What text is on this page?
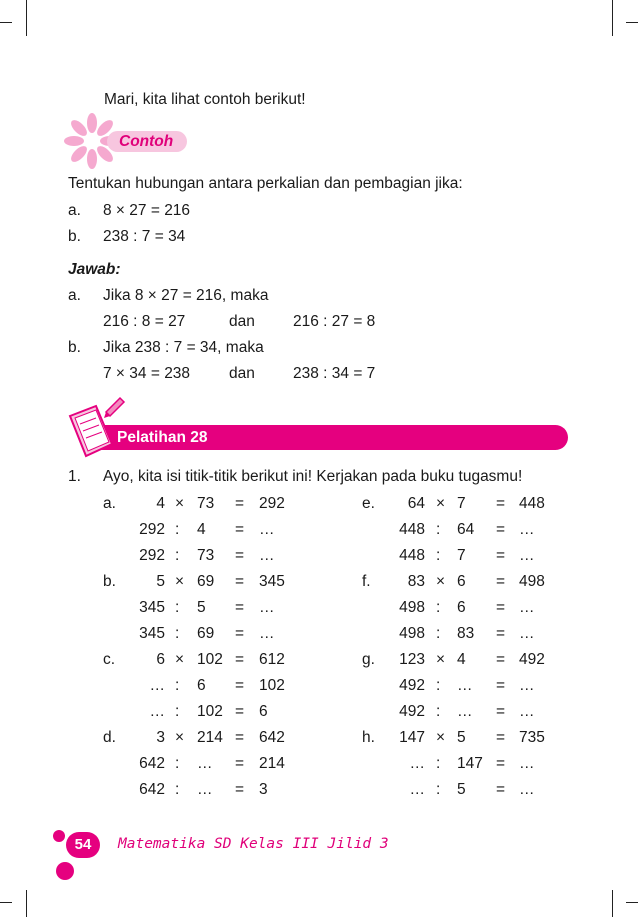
Mari, kita lihat contoh berikut!
Contoh
Tentukan hubungan antara perkalian dan pembagian jika:
a. 8 × 27 = 216
b. 238 : 7 = 34
Jawab:
a. Jika 8 × 27 = 216, maka
216 : 8 = 27	dan 216 : 27 = 8
b. Jika 238 : 7 = 34, maka
7 × 34 = 238	dan 238 : 34 = 7
Pelatihan 28
1. Ayo, kita isi titik-titik berikut ini! Kerjakan pada buku tugasmu!
a.	4 × 73 = 292
292 : 4 = …
292 : 73 = …
b.	5 × 69 = 345
345 : 5 = …
345 : 69 = …
c.	6 × 102 = 612
… : 6 = 102
… : 102 = 6
d.	3 × 214 = 642
642 : … = 214
642 : … = 3
e. 64 × 7 = 448
448 : 64 = …
448 : 7 = …
f. 83 × 6 = 498
498 : 6 = …
498 : 83 = …
g. 123 × 4 = 492
492 : … = …
492 : … = …
h. 147 × 5 = 735
… : 147 = …
… : 5 = …
54	Matematika SD Kelas III Jilid 3
